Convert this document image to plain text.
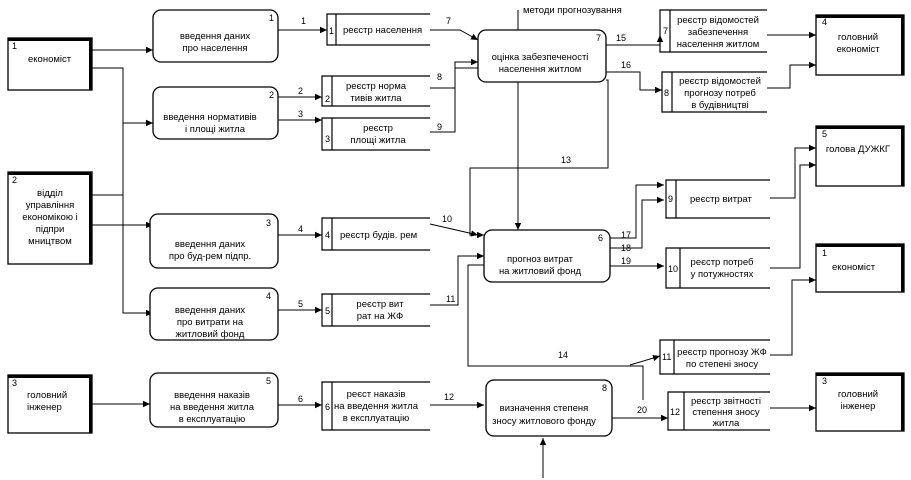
1
2
3
4
5
6
7
8
9
10
11
12
13
14
15
16
17
18
19
20
методи прогнозування
1
економіст
2
відділ
управління
економікою і
підпри
мництвом
3
головний
інженер
4
головний
економіст
5
голова ДУЖКГ
1
економіст
3
головний
інженер
1
введення даних
про населення
2
введення нормативів
і площі житла
3
введення даних
про буд-рем підпр.
4
введення даних
про витрати на
житловий фонд
5
введення наказів
на введення житла
в експлуатацію
7
оцінка забезпеченості
населення житлом
6
прогноз витрат
на житловий фонд
8
визначення степеня
зносу житлового фонду
1 реєстр населення
2
реєстр норма
тивів житла
3
реєстр
площі житла
4 реєстр будів. рем
5
реєстр вит
рат на ЖФ
6
реєст наказів
на введення житла
в експлуатацію
7
реєстр відомостей
забезпечення
населення житлом
8
реєстр відомостей
прогнозу потреб
в будівництві
9 реєстр витрат
10
реєстр потреб
у потужностях
11 реєстр прогнозу ЖФ
по степені зносу
12
реєстр звітності
степення зносу
житла
